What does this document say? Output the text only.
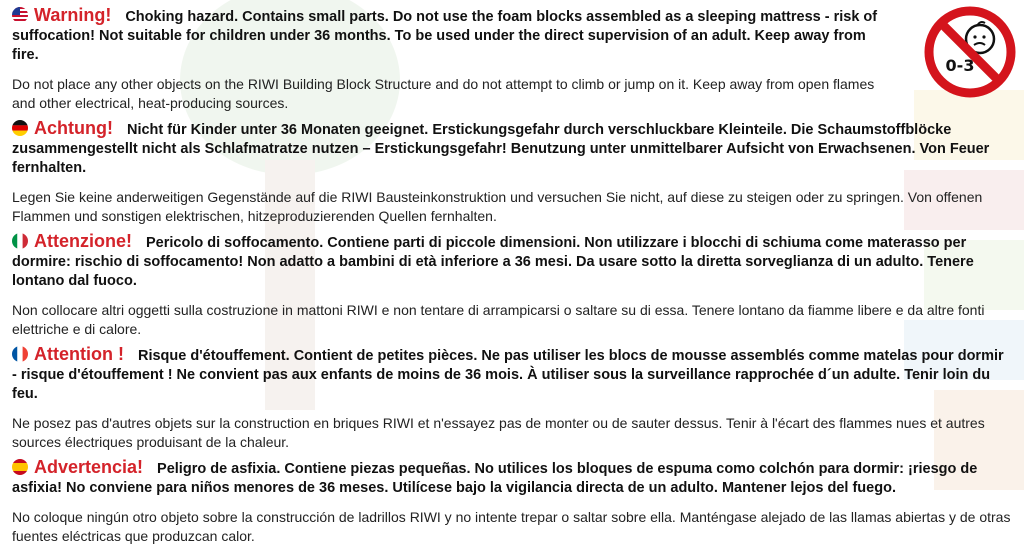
0-3
Warning! Choking hazard. Contains small parts. Do not use the foam blocks assembled as a sleeping mattress - risk of suffocation! Not suitable for children under 36 months. To be used under the direct supervision of an adult. Keep away from fire.
Do not place any other objects on the RIWI Building Block Structure and do not attempt to climb or jump on it. Keep away from open flames and other electrical, heat-producing sources.
Achtung! Nicht für Kinder unter 36 Monaten geeignet. Erstickungsgefahr durch verschluckbare Kleinteile. Die Schaumstoffblöcke zusammengestellt nicht als Schlafmatratze nutzen – Erstickungsgefahr! Benutzung unter unmittelbarer Aufsicht von Erwachsenen. Von Feuer fernhalten.
Legen Sie keine anderweitigen Gegenstände auf die RIWI Bausteinkonstruktion und versuchen Sie nicht, auf diese zu steigen oder zu springen. Von offenen Flammen und sonstigen elektrischen, hitzeproduzierenden Quellen fernhalten.
Attenzione! Pericolo di soffocamento. Contiene parti di piccole dimensioni. Non utilizzare i blocchi di schiuma come materasso per dormire: rischio di soffocamento! Non adatto a bambini di età inferiore a 36 mesi. Da usare sotto la diretta sorveglianza di un adulto. Tenere lontano dal fuoco.
Non collocare altri oggetti sulla costruzione in mattoni RIWI e non tentare di arrampicarsi o saltare su di essa. Tenere lontano da fiamme libere e da altre fonti elettriche e di calore.
Attention ! Risque d'étouffement. Contient de petites pièces. Ne pas utiliser les blocs de mousse assemblés comme matelas pour dormir - risque d'étouffement ! Ne convient pas aux enfants de moins de 36 mois. À utiliser sous la surveillance rapprochée d´un adulte. Tenir loin du feu.
Ne posez pas d'autres objets sur la construction en briques RIWI et n'essayez pas de monter ou de sauter dessus. Tenir à l'écart des flammes nues et autres sources électriques produisant de la chaleur.
Advertencia! Peligro de asfixia. Contiene piezas pequeñas. No utilices los bloques de espuma como colchón para dormir: ¡riesgo de asfixia! No conviene para niños menores de 36 meses. Utilícese bajo la vigilancia directa de un adulto. Mantener lejos del fuego.
No coloque ningún otro objeto sobre la construcción de ladrillos RIWI y no intente trepar o saltar sobre ella. Manténgase alejado de las llamas abiertas y de otras fuentes eléctricas que produzcan calor.
